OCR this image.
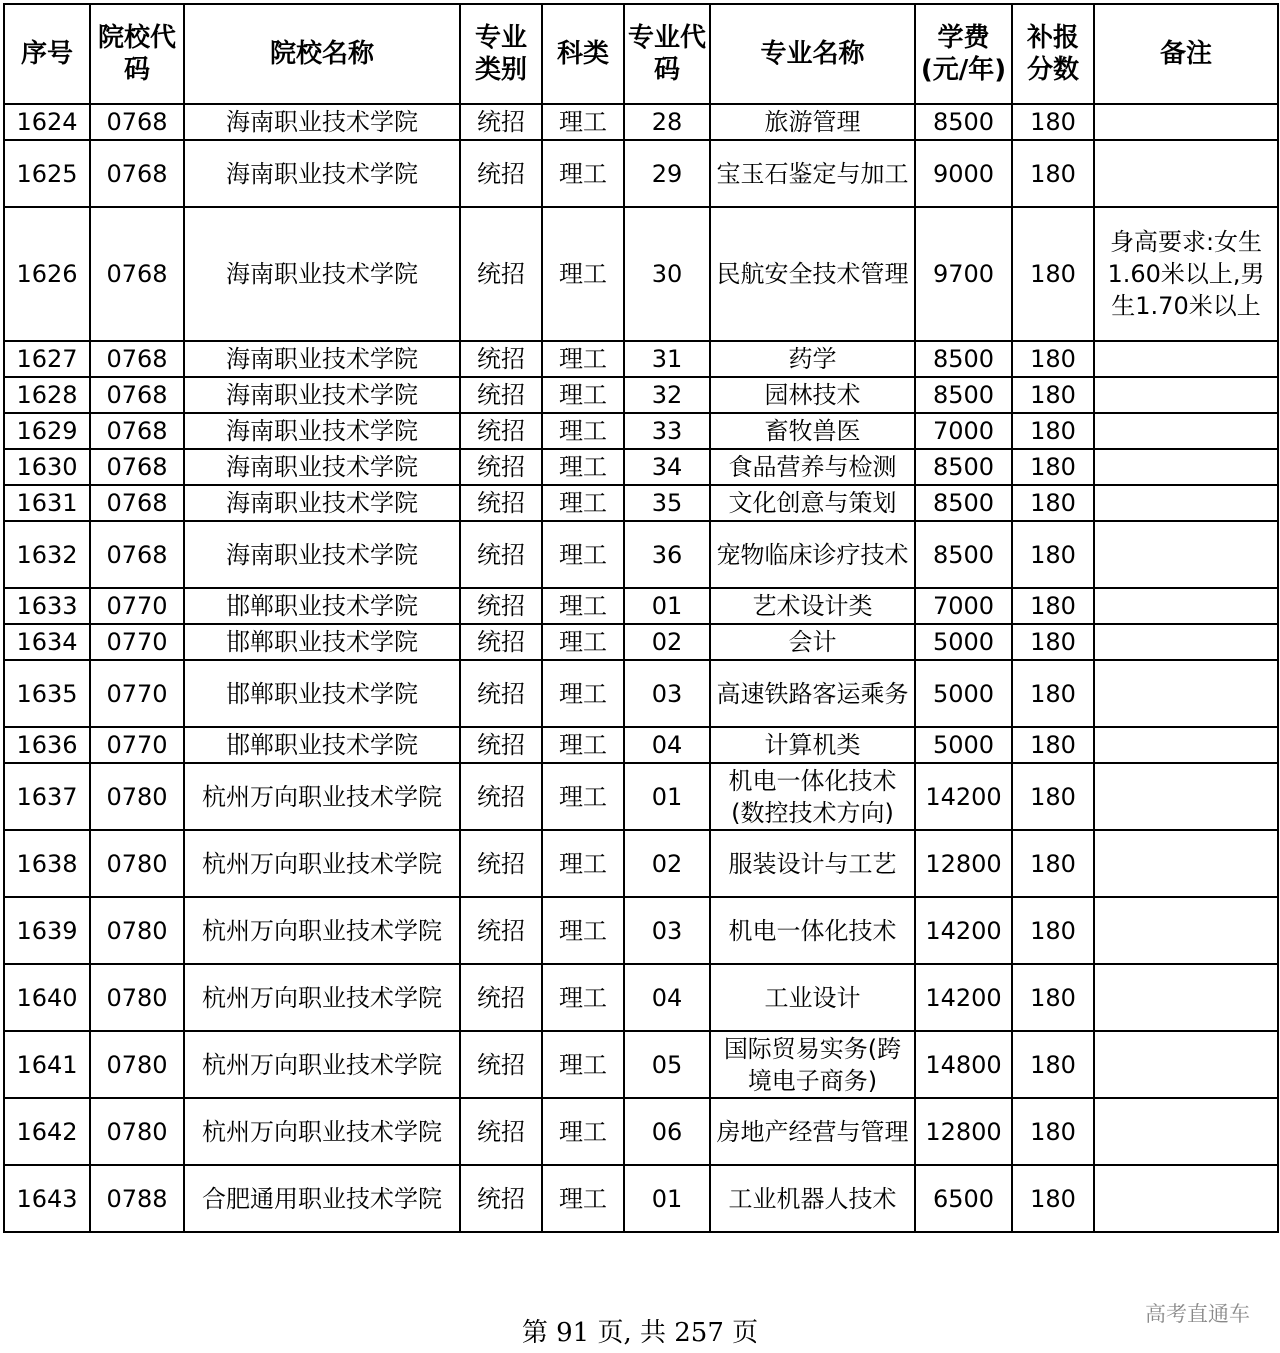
序号	院校代码	院校名称	专业类别	科类	专业代码	专业名称	学费(元/年)	补报分数	备注
1624	0768	海南职业技术学院	统招	理工	28	旅游管理	8500	180	
1625	0768	海南职业技术学院	统招	理工	29	宝玉石鉴定与加工	9000	180	
1626	0768	海南职业技术学院	统招	理工	30	民航安全技术管理	9700	180	身高要求:女生1.60米以上,男生1.70米以上
1627	0768	海南职业技术学院	统招	理工	31	药学	8500	180	
1628	0768	海南职业技术学院	统招	理工	32	园林技术	8500	180	
1629	0768	海南职业技术学院	统招	理工	33	畜牧兽医	7000	180	
1630	0768	海南职业技术学院	统招	理工	34	食品营养与检测	8500	180	
1631	0768	海南职业技术学院	统招	理工	35	文化创意与策划	8500	180	
1632	0768	海南职业技术学院	统招	理工	36	宠物临床诊疗技术	8500	180	
1633	0770	邯郸职业技术学院	统招	理工	01	艺术设计类	7000	180	
1634	0770	邯郸职业技术学院	统招	理工	02	会计	5000	180	
1635	0770	邯郸职业技术学院	统招	理工	03	高速铁路客运乘务	5000	180	
1636	0770	邯郸职业技术学院	统招	理工	04	计算机类	5000	180	
1637	0780	杭州万向职业技术学院	统招	理工	01	机电一体化技术(数控技术方向)	14200	180	
1638	0780	杭州万向职业技术学院	统招	理工	02	服装设计与工艺	12800	180	
1639	0780	杭州万向职业技术学院	统招	理工	03	机电一体化技术	14200	180	
1640	0780	杭州万向职业技术学院	统招	理工	04	工业设计	14200	180	
1641	0780	杭州万向职业技术学院	统招	理工	05	国际贸易实务(跨境电子商务)	14800	180	
1642	0780	杭州万向职业技术学院	统招	理工	06	房地产经营与管理	12800	180	
1643	0788	合肥通用职业技术学院	统招	理工	01	工业机器人技术	6500	180	
第 91 页, 共 257 页
高考直通车
